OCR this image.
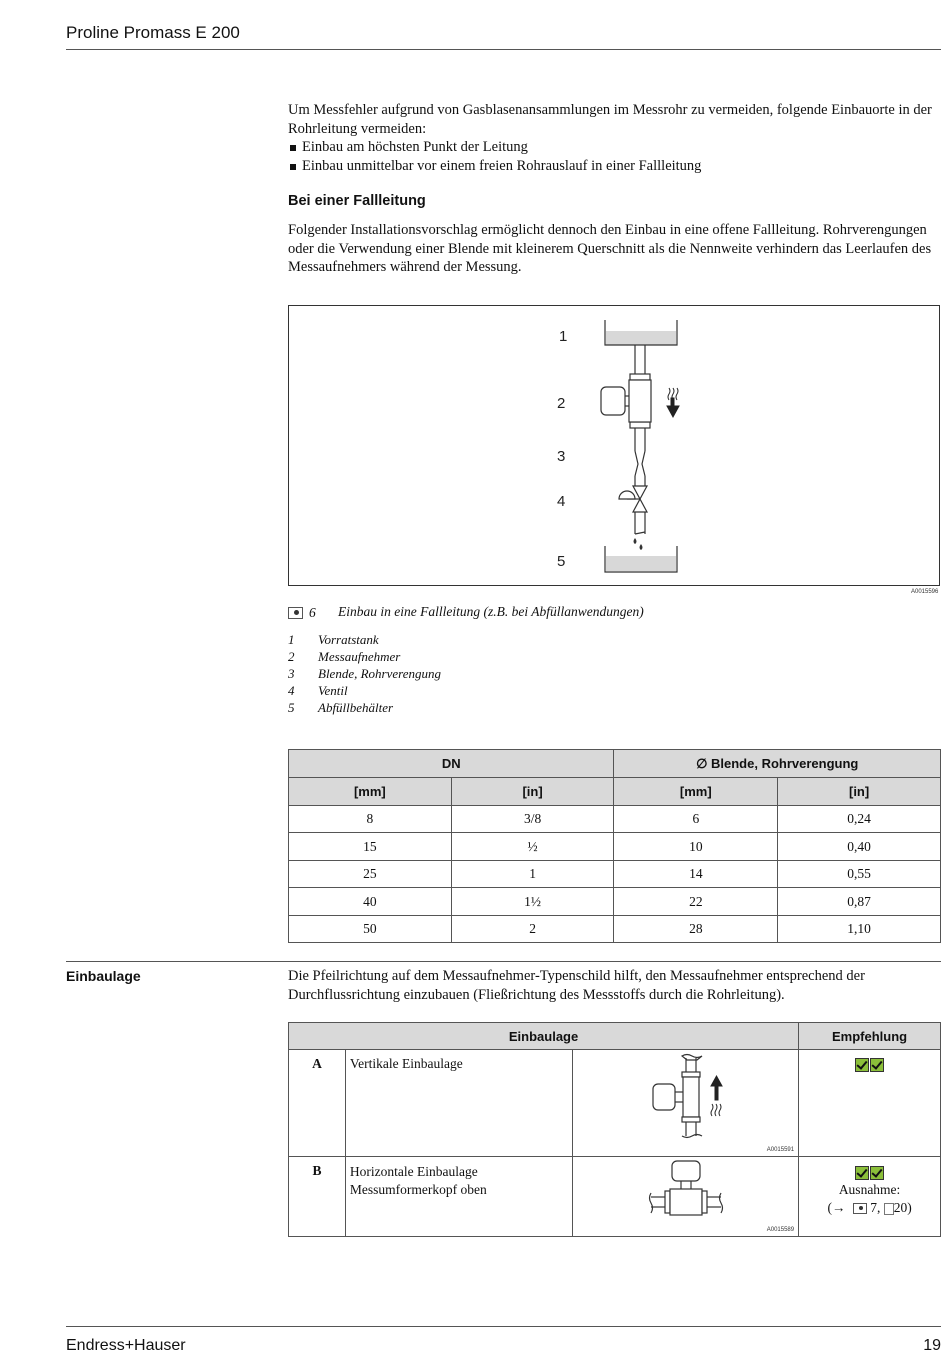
Proline Promass E 200
Um Messfehler aufgrund von Gasblasenansammlungen im Messrohr zu vermeiden, folgende Einbauorte in der Rohrleitung vermeiden:
Einbau am höchsten Punkt der Leitung
Einbau unmittelbar vor einem freien Rohrauslauf in einer Fallleitung
Bei einer Fallleitung
Folgender Installationsvorschlag ermöglicht dennoch den Einbau in eine offene Fallleitung. Rohrverengungen oder die Verwendung einer Blende mit kleinerem Querschnitt als die Nennweite verhindern das Leerlaufen des Messaufnehmers während der Messung.
1
2
3
4
5
A0015596
6 Einbau in eine Fallleitung (z.B. bei Abfüllanwendungen)
1 Vorratstank
2 Messaufnehmer
3 Blende, Rohrverengung
4 Ventil
5 Abfüllbehälter
DN		∅ Blende, Rohrverengung	
[mm]	[in]	[mm]	[in]
8	3/8	6	0,24
15	½	10	0,40
25	1	14	0,55
40	1½	22	0,87
50	2	28	1,10
Einbaulage	Die Pfeilrichtung auf dem Messaufnehmer-Typenschild hilft, den Messaufnehmer entsprechend der Durchflussrichtung einzubauen (Fließrichtung des Messstoffs durch die Rohrleitung).
Einbaulage			Empfehlung
A	Vertikale Einbaulage	A0015591	

B	Horizontale Einbaulage Messumformerkopf oben	A0015589	Ausnahme:
(→ 7, 20)
Endress+Hauser	19
